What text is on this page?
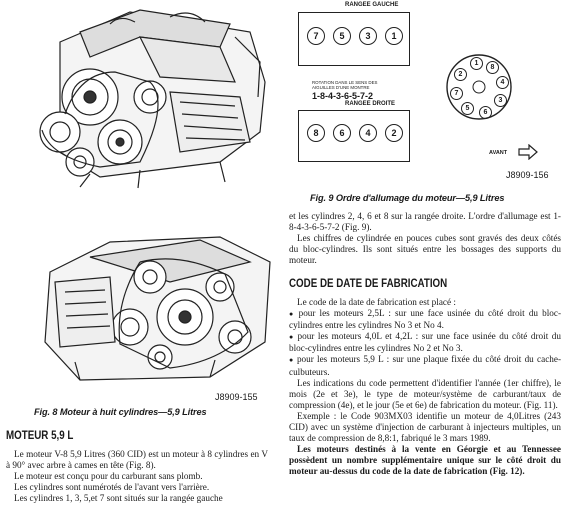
J8909-155
Fig. 8 Moteur à huit cylindres—5,9 Litres
MOTEUR 5,9 L

Le moteur V-8 5,9 Litres (360 CID) est un moteur à 8 cylindres en V à 90° avec arbre à cames en tête (Fig. 8).

Le moteur est conçu pour du carburant sans plomb.

Les cylindres sont numérotés de l'avant vers l'arrière.

Les cylindres 1, 3, 5,et 7 sont situés sur la rangée gauche

RANGEE GAUCHE
7	5	3	1
ROTATION DANS LE SENS DES AIGUILLES D'UNE MONTRE
1-8-4-3-6-5-7-2
RANGEE DROITE
8	6	4	2
1
8
4
3
6
5
7
2
AVANT
J8909-156
Fig. 9 Ordre d'allumage du moteur—5,9 Litres

et les cylindres 2, 4, 6 et 8 sur la rangée droite. L'ordre d'allumage est 1-8-4-3-6-5-7-2 (Fig. 9).

Les chiffres de cylindrée en pouces cubes sont gravés des deux côtés du bloc-cylindres. Ils sont situés entre les bossages des supports du moteur.

CODE DE DATE DE FABRICATION

Le code de la date de fabrication est placé :

● pour les moteurs 2,5L : sur une face usinée du côté droit du bloc-cylindres entre les cylindres No 3 et No 4.

● pour les moteurs 4,0L et 4,2L : sur une face usinée du côté droit du bloc-cylindres entre les cylindres No 2 et No 3.

● pour les moteurs 5,9 L : sur une plaque fixée du côté droit du cache-culbuteurs.

Les indications du code permettent d'identifier l'année (1er chiffre), le mois (2e et 3e), le type de moteur/système de carburant/taux de compression (4e), et le jour (5e et 6e) de fabrication du moteur. (Fig. 11).

Exemple : le Code 903MX03 identifie un moteur de 4,0Litres (243 CID) avec un système d'injection de carburant à injecteurs multiples, un taux de compression de 8,8:1, fabriqué le 3 mars 1989.

Les moteurs destinés à la vente en Géorgie et au Tennessee possèdent un nombre supplémentaire unique sur le côté droit du moteur au-dessus du code de la date de fabrication (Fig. 12).
